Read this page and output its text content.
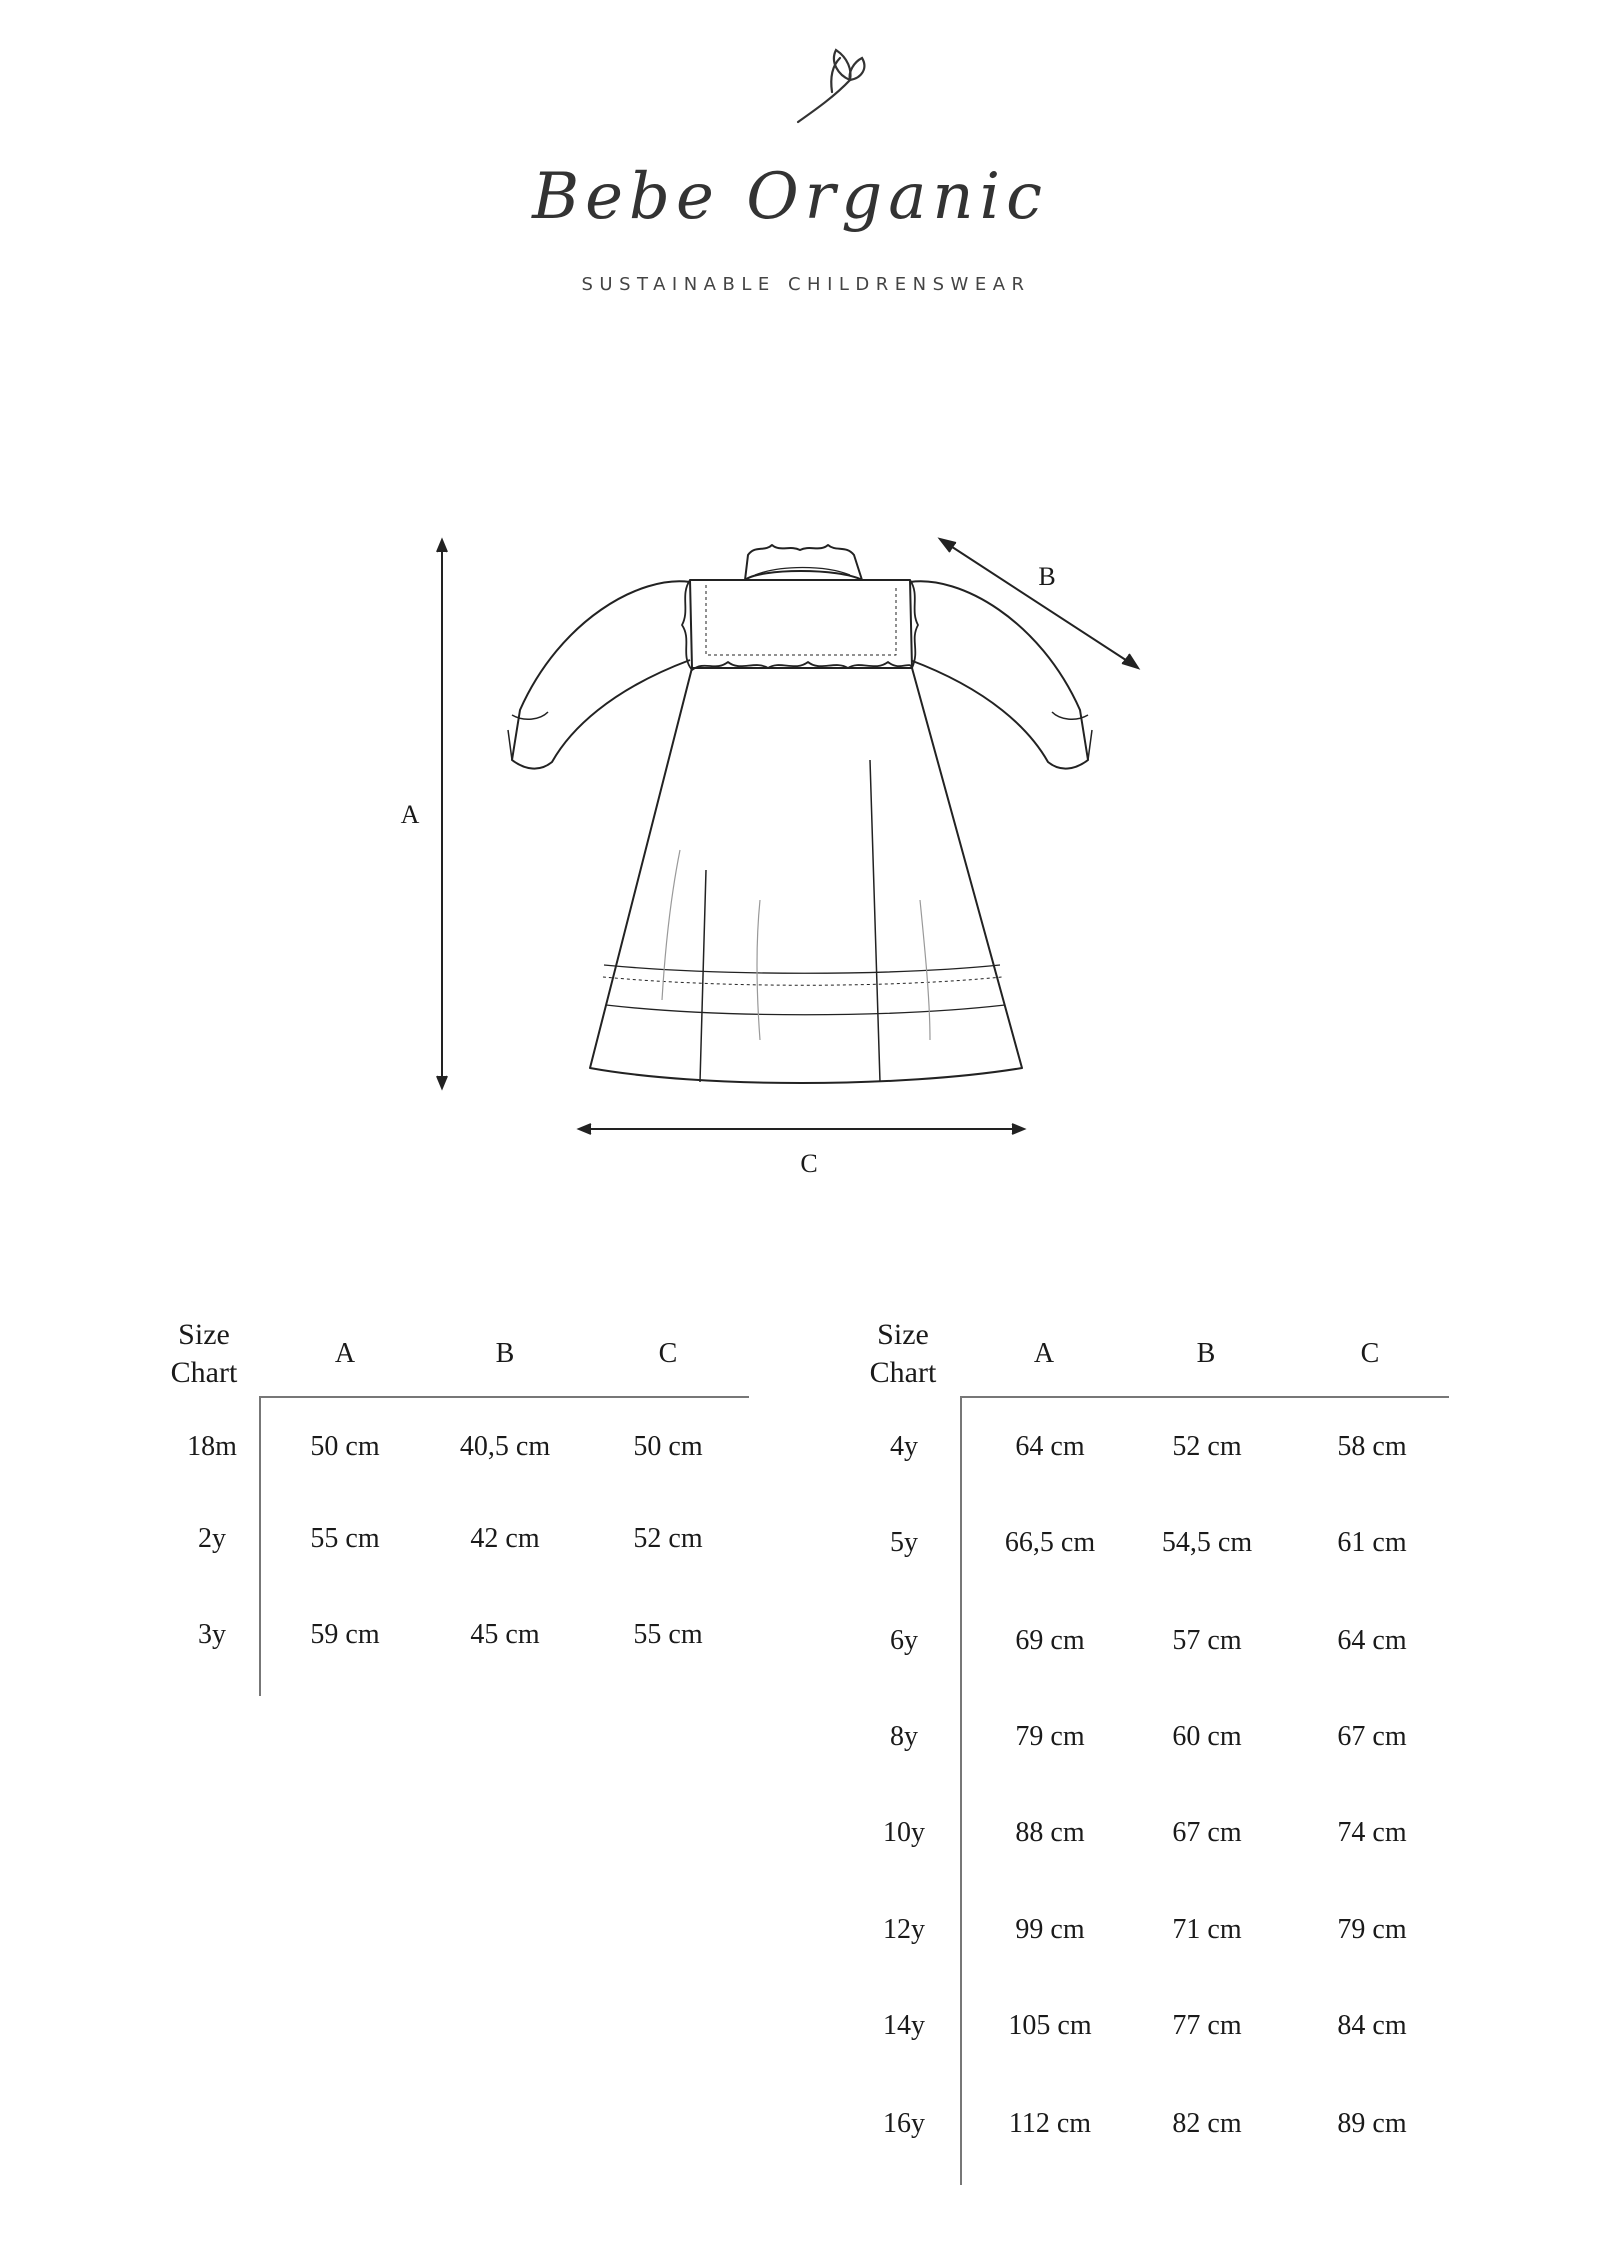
Bebe Organic
SUSTAINABLE CHILDRENSWEAR
A
B
C
Size
Chart
A	B	C
18m	50 cm	40,5 cm	50 cm
2y	55 cm	42 cm	52 cm
3y	59 cm	45 cm	55 cm
Size
Chart
A	B	C
4y	64 cm	52 cm	58 cm
5y	66,5 cm 54,5 cm	61 cm
6y	69 cm	57 cm	64 cm
8y	79 cm	60 cm	67 cm
10y	88 cm	67 cm	74 cm
12y	99 cm	71 cm	79 cm
14y	105 cm	77 cm	84 cm
16y	112 cm	82 cm	89 cm
